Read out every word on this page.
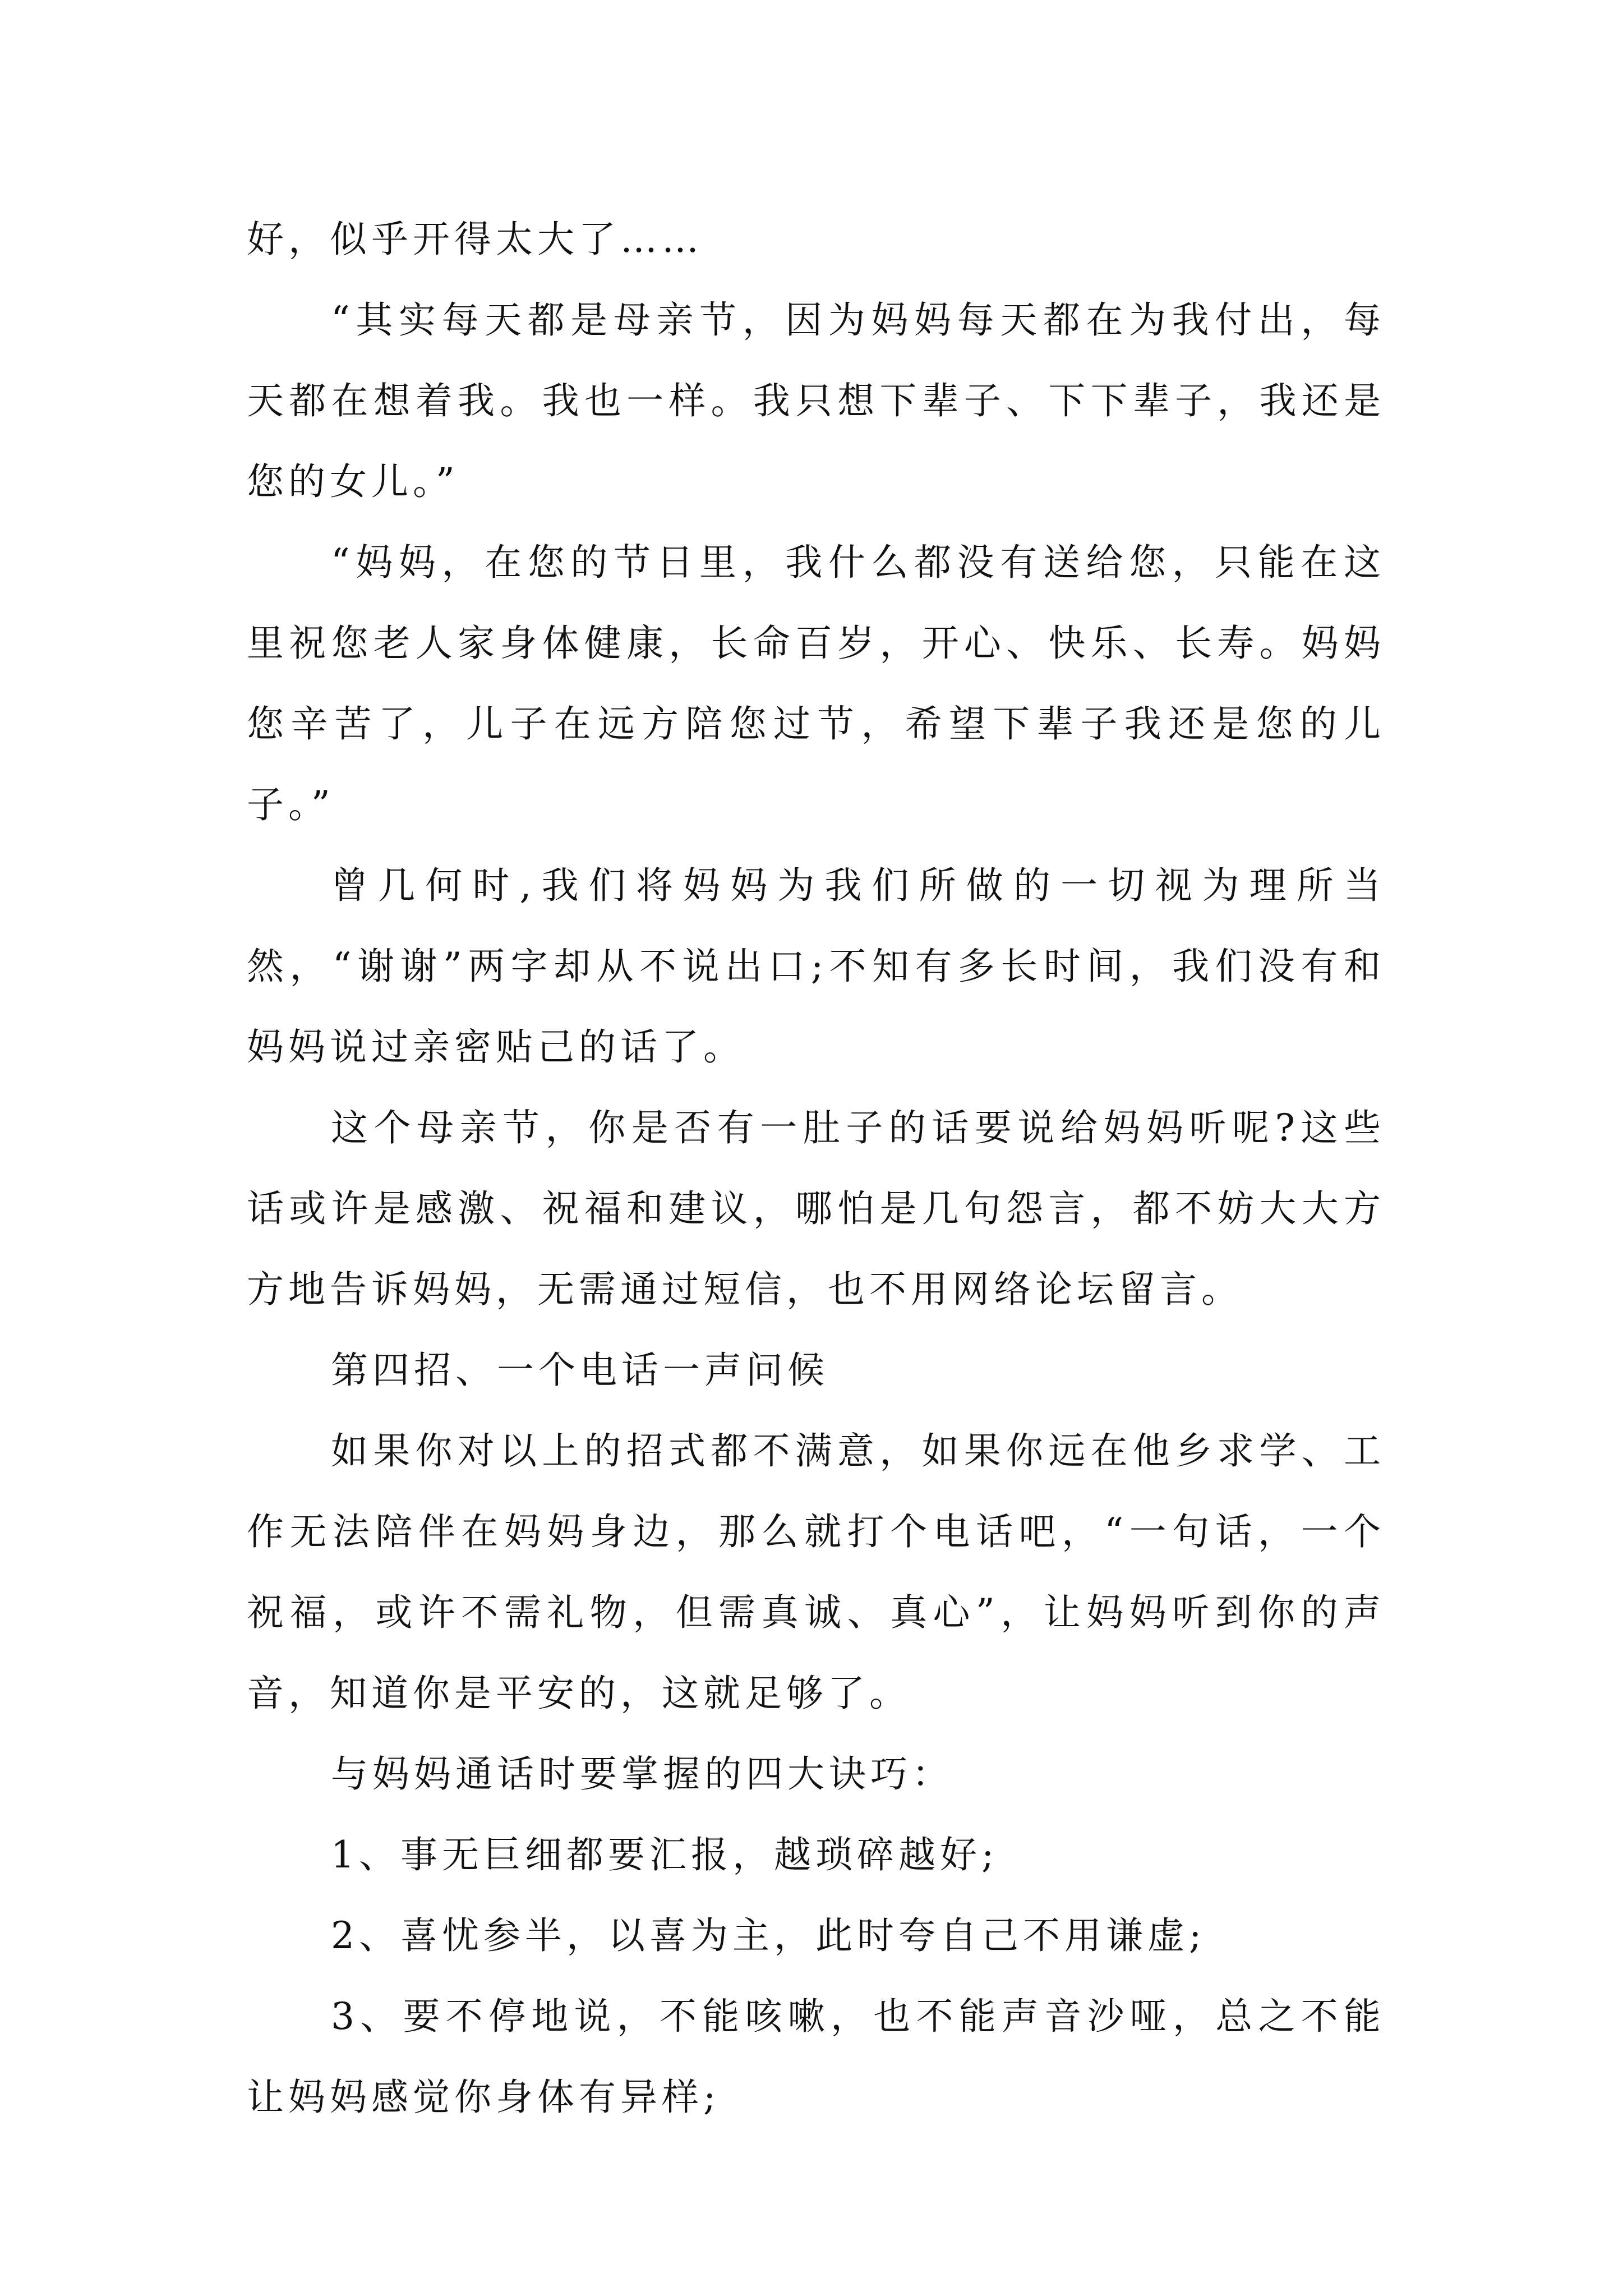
好，似乎开得太大了……

“其实每天都是母亲节，因为妈妈每天都在为我付出，每天都在想着我。我也一样。我只想下辈子、下下辈子，我还是您的女儿。”

“妈妈，在您的节日里，我什么都没有送给您，只能在这里祝您老人家身体健康，长命百岁，开心、快乐、长寿。妈妈您辛苦了，儿子在远方陪您过节，希望下辈子我还是您的儿子。”

曾几何时,我们将妈妈为我们所做的一切视为理所当然，“谢谢”两字却从不说出口;不知有多长时间，我们没有和妈妈说过亲密贴己的话了。

这个母亲节，你是否有一肚子的话要说给妈妈听呢?这些话或许是感激、祝福和建议，哪怕是几句怨言，都不妨大大方方地告诉妈妈，无需通过短信，也不用网络论坛留言。

第四招、一个电话一声问候

如果你对以上的招式都不满意，如果你远在他乡求学、工作无法陪伴在妈妈身边，那么就打个电话吧，“一句话，一个祝福，或许不需礼物，但需真诚、真心”，让妈妈听到你的声音，知道你是平安的，这就足够了。

与妈妈通话时要掌握的四大诀巧：

1、事无巨细都要汇报，越琐碎越好;

2、喜忧参半，以喜为主，此时夸自己不用谦虚;

3、要不停地说，不能咳嗽，也不能声音沙哑，总之不能让妈妈感觉你身体有异样;
